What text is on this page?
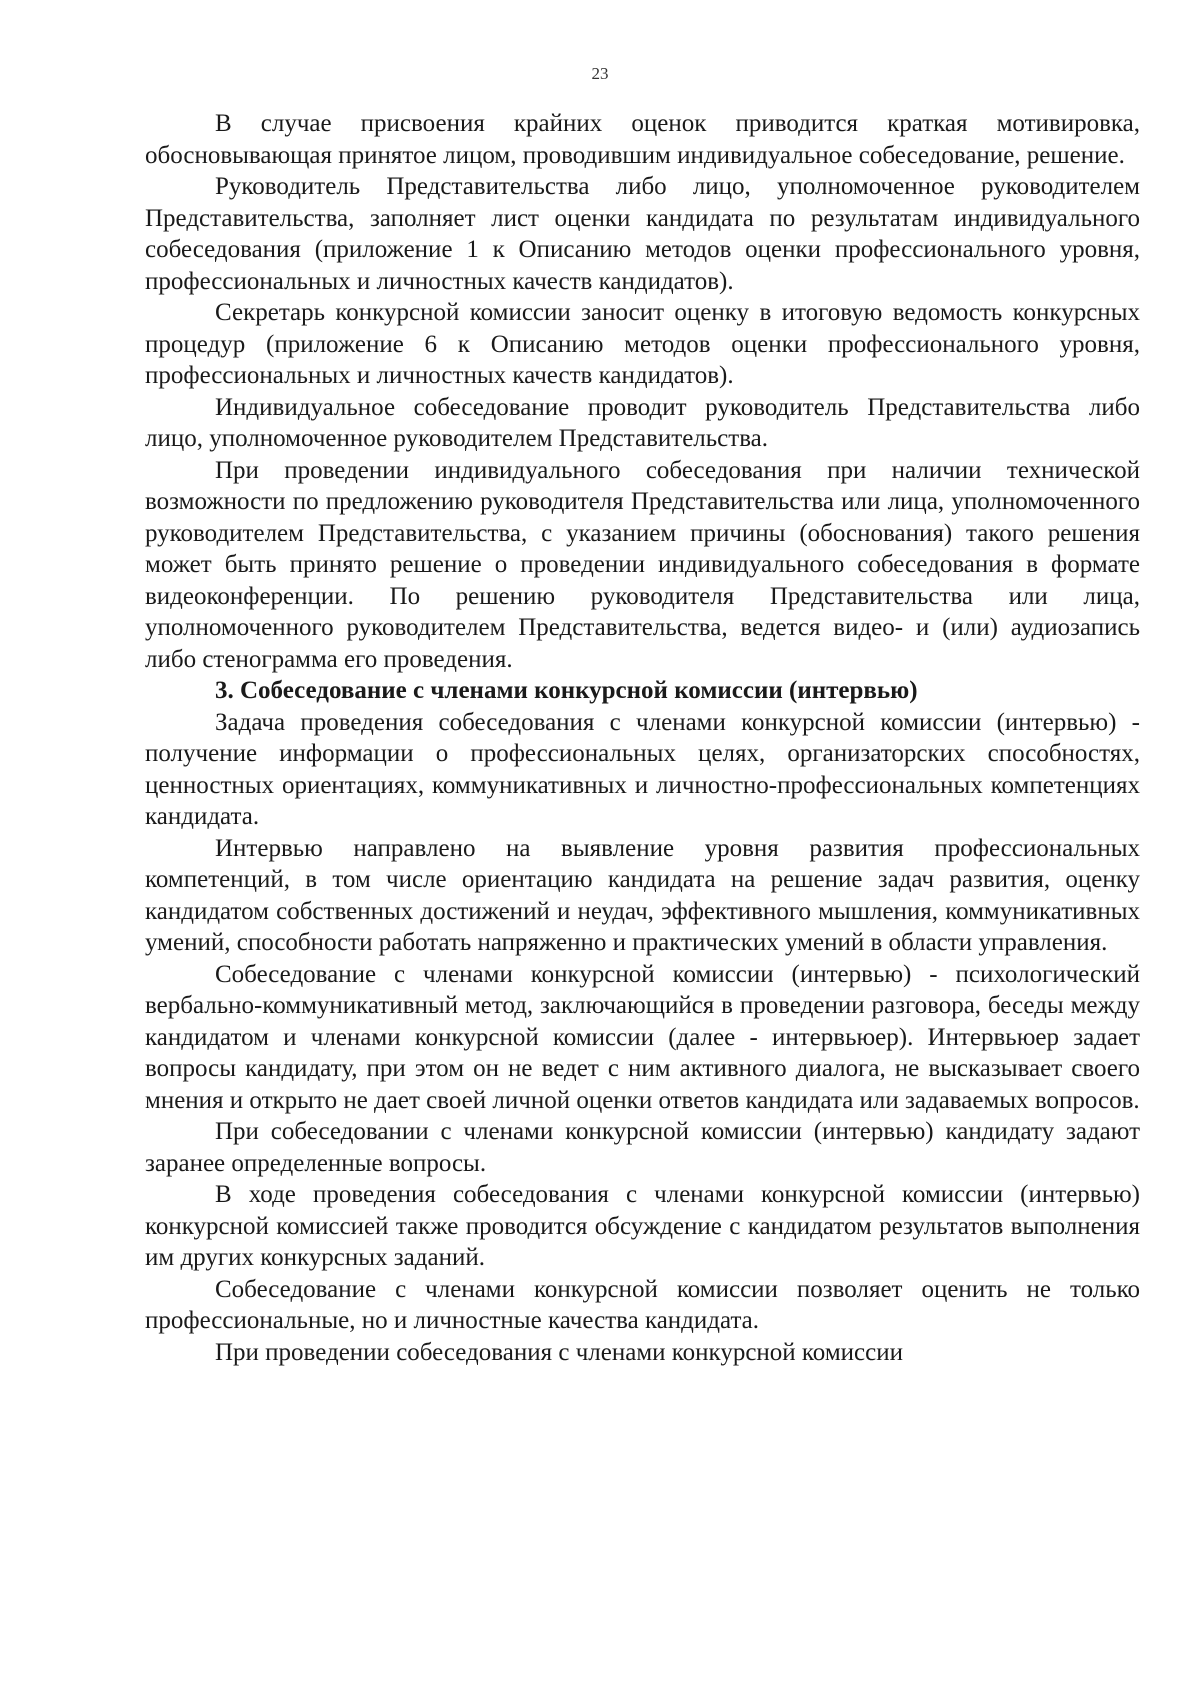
23

В случае присвоения крайних оценок приводится краткая мотивировка, обосновывающая принятое лицом, проводившим индивидуальное собеседование, решение.

Руководитель Представительства либо лицо, уполномоченное руководителем Представительства, заполняет лист оценки кандидата по результатам индивидуального собеседования (приложение 1 к Описанию методов оценки профессионального уровня, профессиональных и личностных качеств кандидатов).

Секретарь конкурсной комиссии заносит оценку в итоговую ведомость конкурсных процедур (приложение 6 к Описанию методов оценки профессионального уровня, профессиональных и личностных качеств кандидатов).

Индивидуальное собеседование проводит руководитель Представительства либо лицо, уполномоченное руководителем Представительства.

При проведении индивидуального собеседования при наличии технической возможности по предложению руководителя Представительства или лица, уполномоченного руководителем Представительства, с указанием причины (обоснования) такого решения может быть принято решение о проведении индивидуального собеседования в формате видеоконференции. По решению руководителя Представительства или лица, уполномоченного руководителем Представительства, ведется видео- и (или) аудиозапись либо стенограмма его проведения.

3. Собеседование с членами конкурсной комиссии (интервью)

Задача проведения собеседования с членами конкурсной комиссии (интервью) - получение информации о профессиональных целях, организаторских способностях, ценностных ориентациях, коммуникативных и личностно-профессиональных компетенциях кандидата.

Интервью направлено на выявление уровня развития профессиональных компетенций, в том числе ориентацию кандидата на решение задач развития, оценку кандидатом собственных достижений и неудач, эффективного мышления, коммуникативных умений, способности работать напряженно и практических умений в области управления.

Собеседование с членами конкурсной комиссии (интервью) - психологический вербально-коммуникативный метод, заключающийся в проведении разговора, беседы между кандидатом и членами конкурсной комиссии (далее - интервьюер). Интервьюер задает вопросы кандидату, при этом он не ведет с ним активного диалога, не высказывает своего мнения и открыто не дает своей личной оценки ответов кандидата или задаваемых вопросов.

При собеседовании с членами конкурсной комиссии (интервью) кандидату задают заранее определенные вопросы.

В ходе проведения собеседования с членами конкурсной комиссии (интервью) конкурсной комиссией также проводится обсуждение с кандидатом результатов выполнения им других конкурсных заданий.

Собеседование с членами конкурсной комиссии позволяет оценить не только профессиональные, но и личностные качества кандидата.

При проведении собеседования с членами конкурсной комиссии
